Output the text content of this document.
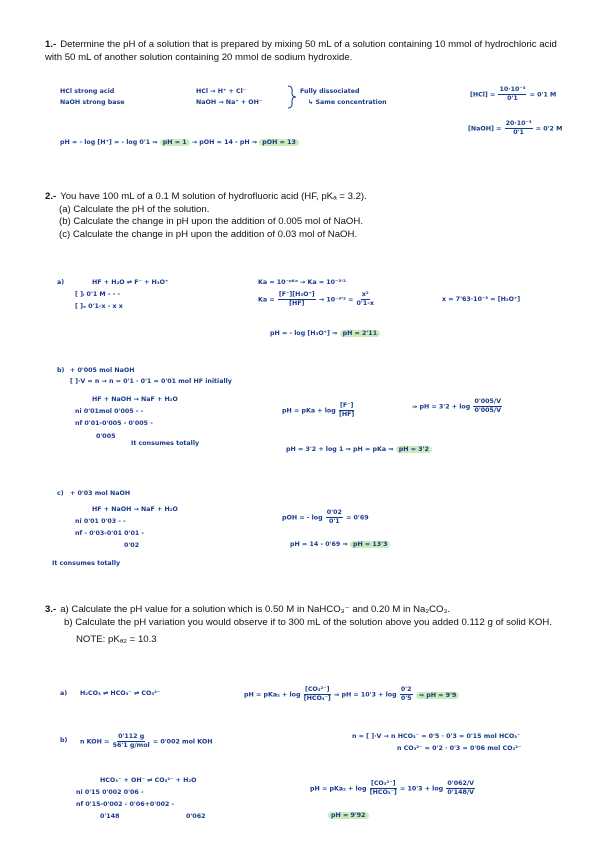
1.- Determine the pH of a solution that is prepared by mixing 50 mL of a solution containing 10 mmol of hydrochloric acid with 50 mL of another solution containing 20 mmol de sodium hydroxide.
HCl strong acid
NaOH strong base
HCl → H⁺ + Cl⁻
NaOH → Na⁺ + OH⁻
Fully dissociated
↳ Same concentration
$[HCl] = \frac{\text{10·10⁻³}}{0'1} = 0'1$ M
[NaOH] = $\frac{\text{20·10⁻³}}{0'1} = 0'2$ M
pH = - log [H⁺] = - log 0'1 ⇒ pH = 1 → pOH = 14 - pH ⇒ pOH = 13
2.- You have 100 mL of a 0.1 M solution of hydrofluoric acid (HF, pKₐ = 3.2).
(a) Calculate the pH of the solution.
(b) Calculate the change in pH upon the addition of 0.005 mol of NaOH.
(c) Calculate the change in pH upon the addition of 0.03 mol of NaOH.
a)	HF + H₂O ⇌ F⁻ + H₃O⁺
[ ]ᵢ 0'1 M - - -
[ ]ₑ 0'1-x - x x
Ka = 10⁻ᵖᴷᵃ → Ka = 10⁻³'²
$Ka = \frac{\text{[F⁻][H₃O⁺]}}{[HF]} \to 10^{-3}'^2 = \frac{\text{x²}}{0'1-x}$	x = 7'63·10⁻³ = [H₃O⁺]
pH = - log [H₃O⁺] ⇒ pH = 2'11
b) + 0'005 mol NaOH
[ ]·V = n → n = 0'1 · 0'1 = 0'01 mol HF initially
HF + NaOH → NaF + H₂O
ni 0'01mol 0'005 - -
nf 0'01-0'005 - 0'005 -
0'005
It consumes totally
pH = pKa + $\log \frac{[F^-]}{[HF]}$	⇒ pH = $3'2 + \log \frac{0'005/V}{0'005/V}$
pH = 3'2 + log 1 ⇒ pH = pKa ⇒ pH = 3'2
c) + 0'03 mol NaOH
HF + NaOH → NaF + H₂O
ni 0'01 0'03 - -
nf - 0'03-0'01 0'01 -
0'02
It consumes totally
pOH = - $\log \frac{0'02}{0'1} = 0'69$
pH = 14 - 0'69 ⇒ pH = 13'3
3.- a) Calculate the pH value for a solution which is 0.50 M in NaHCO₃⁻ and 0.20 M in Na₂CO₃.
b) Calculate the pH variation you would observe if to 300 mL of the solution above you added 0.112 g of solid KOH.
NOTE: pKₐ₂ = 10.3
a) H₂CO₃ ⇌ HCO₃⁻ ⇌ CO₃²⁻	pH = $pKa_2 + \log \frac{\text{[CO₃²⁻]}}{\text{[HCO₃⁻]}}$ ⇒ pH = $10'3 + \log \frac{0'2}{0'5}$ ⇒ pH = 9'9
b) n KOH = $\frac{0'112 g}{\text{56'1 g/mol}} = 0'002$ mol KOH
n = [ ]·V → n HCO₃⁻ = 0'5 · 0'3 = 0'15 mol HCO₃⁻
n CO₃²⁻ = 0'2 · 0'3 = 0'06 mol CO₃²⁻
HCO₃⁻ + OH⁻ ⇌ CO₃²⁻ + H₂O
ni 0'15 0'002 0'06 -
nf 0'15-0'002 - 0'06+0'002 -
0'148	0'062
pH = $pKa_2 + \log \frac{\text{[CO₃²⁻]}}{\text{[HCO₃⁻]}} = 10'3 + \log \frac{0'062/V}{0'148/V}$
pH = 9'92
